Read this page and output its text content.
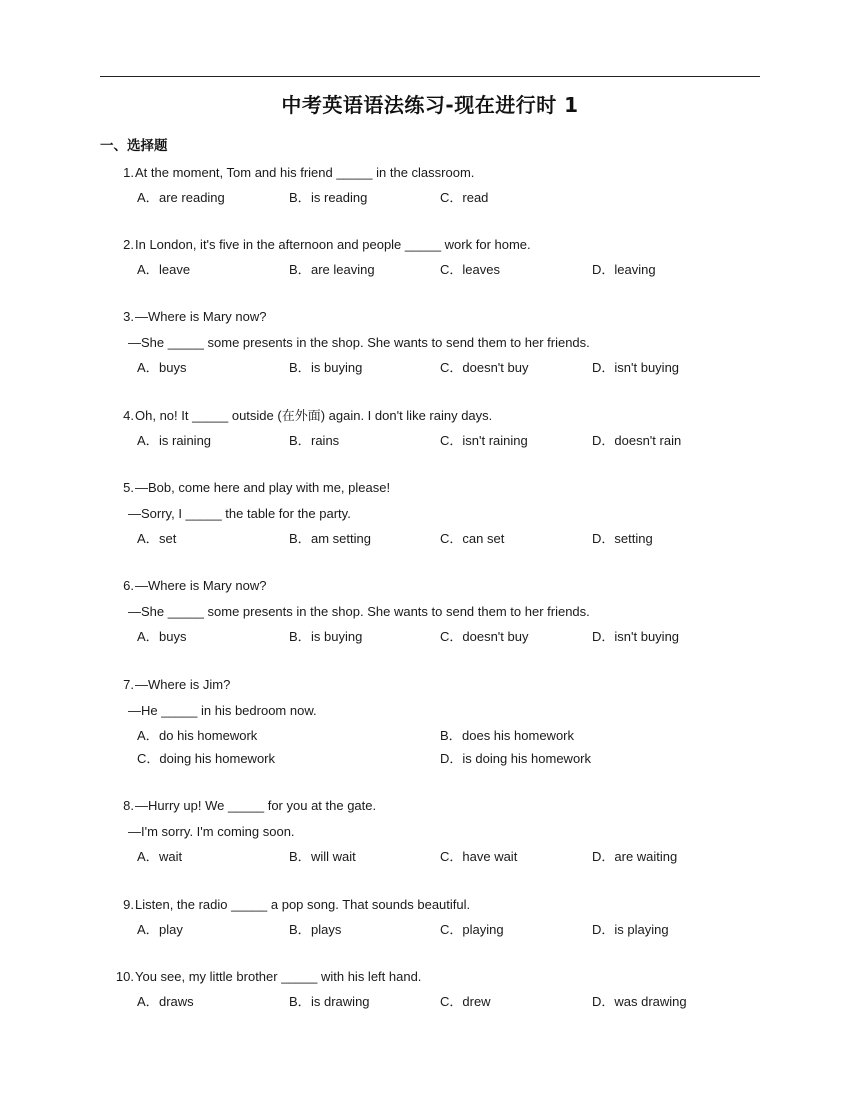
中考英语语法练习-现在进行时 1
一、选择题
1. At the moment, Tom and his friend _____ in the classroom.
A．are reading	B．is reading	C．read
2. In London, it's five in the afternoon and people _____ work for home.
A．leave	B．are leaving	C．leaves	D．leaving
3. —Where is Mary now?
—She _____ some presents in the shop. She wants to send them to her friends.
A．buys	B．is buying	C．doesn't buy	D．isn't buying
4. Oh, no! It _____ outside (在外面) again. I don't like rainy days.
A．is raining	B．rains	C．isn't raining	D．doesn't rain
5. —Bob, come here and play with me, please!
—Sorry, I _____ the table for the party.
A．set	B．am setting	C．can set	D．setting
6. —Where is Mary now?
—She _____ some presents in the shop. She wants to send them to her friends.
A．buys	B．is buying	C．doesn't buy	D．isn't buying
7. —Where is Jim?
—He _____ in his bedroom now.
A．do his homework	B．does his homework
C．doing his homework	D．is doing his homework
8. —Hurry up! We _____ for you at the gate.
—I'm sorry. I'm coming soon.
A．wait	B．will wait	C．have wait	D．are waiting
9. Listen, the radio _____ a pop song. That sounds beautiful.
A．play	B．plays	C．playing	D．is playing
10. You see, my little brother _____ with his left hand.
A．draws	B．is drawing	C．drew	D．was drawing
